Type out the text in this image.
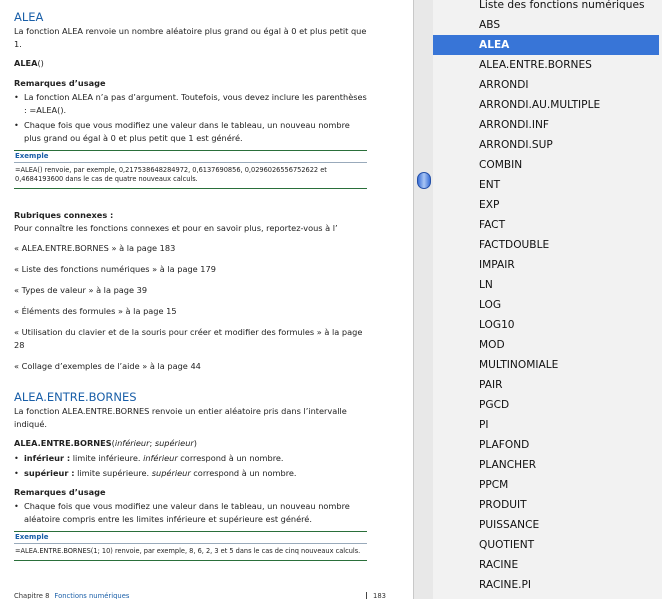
ALEA
La fonction ALEA renvoie un nombre aléatoire plus grand ou égal à 0 et plus petit que 1.
ALEA()
Remarques d’usage
• La fonction ALEA n’a pas d’argument. Toutefois, vous devez inclure les parenthèses : =ALEA().
• Chaque fois que vous modifiez une valeur dans le tableau, un nouveau nombre plus grand ou égal à 0 et plus petit que 1 est généré.
Exemple
=ALEA() renvoie, par exemple, 0,217538648284972, 0,6137690856, 0,0296026556752622 et 0,4684193600 dans le cas de quatre nouveaux calculs.
Rubriques connexes :
Pour connaître les fonctions connexes et pour en savoir plus, reportez-vous à l’
« ALEA.ENTRE.BORNES » à la page 183
« Liste des fonctions numériques » à la page 179
« Types de valeur » à la page 39
« Éléments des formules » à la page 15
« Utilisation du clavier et de la souris pour créer et modifier des formules » à la page 28
« Collage d’exemples de l’aide » à la page 44
ALEA.ENTRE.BORNES
La fonction ALEA.ENTRE.BORNES renvoie un entier aléatoire pris dans l’intervalle indiqué.
ALEA.ENTRE.BORNES(inférieur; supérieur)
• inférieur : limite inférieure. inférieur correspond à un nombre.
• supérieur : limite supérieure. supérieur correspond à un nombre.
Remarques d’usage
• Chaque fois que vous modifiez une valeur dans le tableau, un nouveau nombre aléatoire compris entre les limites inférieure et supérieure est généré.
Exemple
=ALEA.ENTRE.BORNES(1; 10) renvoie, par exemple, 8, 6, 2, 3 et 5 dans le cas de cinq nouveaux calculs.
Chapitre 8 Fonctions numériques	183
Liste des fonctions numériques
ABS
ALEA
ALEA.ENTRE.BORNES
ARRONDI
ARRONDI.AU.MULTIPLE
ARRONDI.INF
ARRONDI.SUP
COMBIN
ENT
EXP
FACT
FACTDOUBLE
IMPAIR
LN
LOG
LOG10
MOD
MULTINOMIALE
PAIR
PGCD
PI
PLAFOND
PLANCHER
PPCM
PRODUIT
PUISSANCE
QUOTIENT
RACINE
RACINE.PI
